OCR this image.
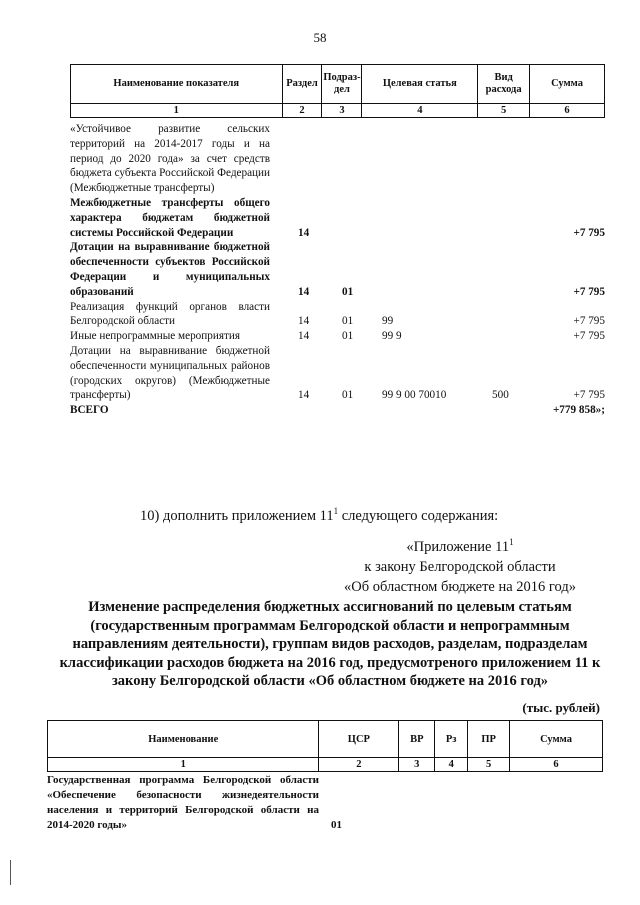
58
Наименование показателя	Раздел	Подраз-дел	Целевая статья	Вид расхода	Сумма
1	2	3	4	5	6
«Устойчивое развитие сельских территорий на 2014-2017 годы и на период до 2020 года» за счет средств бюджета субъекта Российской Федерации (Межбюджетные трансферты)
Межбюджетные трансферты общего характера бюджетам бюджетной системы Российской Федерации	14	+7 795
Дотации на выравнивание бюджетной обеспеченности субъектов Российской Федерации и муниципальных образований	14	01	+7 795
Реализация функций органов власти Белгородской области	14	01	99	+7 795
Иные непрограммные мероприятия	14	01	99 9	+7 795
Дотации на выравнивание бюджетной обеспеченности муниципальных районов (городских округов) (Межбюджетные трансферты)	14	01	99 9 00 70010	500	+7 795
ВСЕГО	+779 858»;
10) дополнить приложением $11^1$ следующего содержания:
«Приложение $11^1$
к закону Белгородской области
«Об областном бюджете на 2016 год»
Изменение распределения бюджетных ассигнований по целевым статьям (государственным программам Белгородской области и непрограммным направлениям деятельности), группам видов расходов, разделам, подразделам классификации расходов бюджета на 2016 год, предусмотреного приложением 11 к закону Белгородской области «Об областном бюджете на 2016 год»
(тыс. рублей)
Наименование	ЦСР	ВР	Рз	ПР	Сумма
1	2	3	4	5	6
Государственная программа Белгородской области «Обеспечение безопасности жизнедеятельности населения и территорий Белгородской области на 2014-2020 годы»	01
